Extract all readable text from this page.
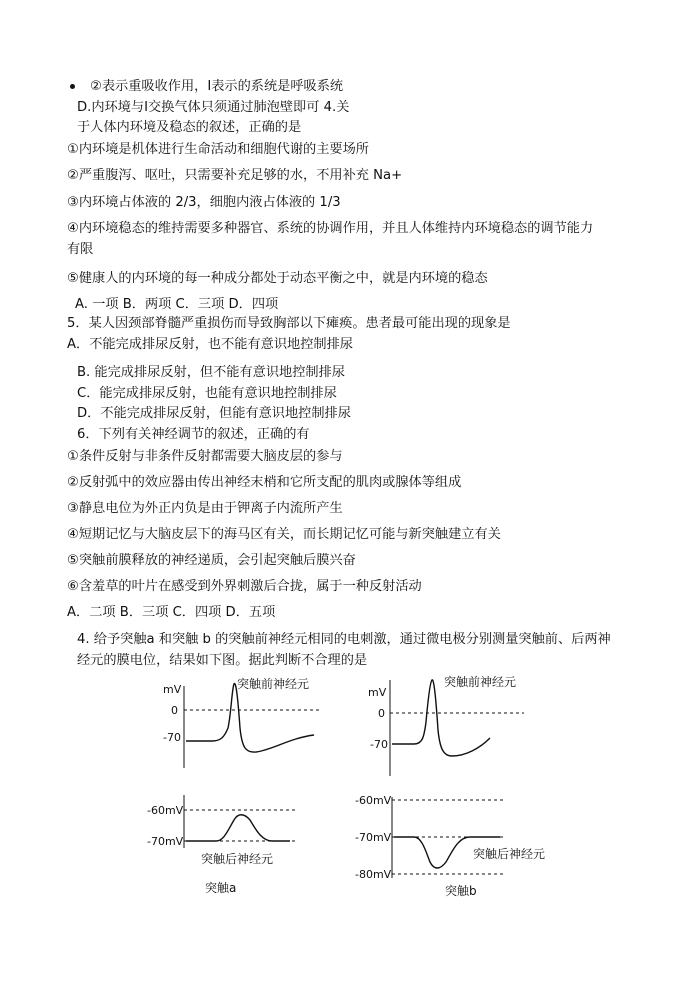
②表示重吸收作用，Ⅰ表示的系统是呼吸系统
D.内环境与Ⅰ交换气体只须通过肺泡壁即可 4.关
于人体内环境及稳态的叙述，正确的是
①内环境是机体进行生命活动和细胞代谢的主要场所
②严重腹泻、呕吐，只需要补充足够的水，不用补充 Na+
③内环境占体液的 2/3，细胞内液占体液的 1/3
④内环境稳态的维持需要多种器官、系统的协调作用，并且人体维持内环境稳态的调节能力
有限
⑤健康人的内环境的每一种成分都处于动态平衡之中，就是内环境的稳态
A. 一项 B．两项 C．三项 D．四项
5．某人因颈部脊髓严重损伤而导致胸部以下瘫痪。患者最可能出现的现象是
A．不能完成排尿反射，也不能有意识地控制排尿
B. 能完成排尿反射，但不能有意识地控制排尿
C．能完成排尿反射，也能有意识地控制排尿
D．不能完成排尿反射，但能有意识地控制排尿
6．下列有关神经调节的叙述，正确的有
①条件反射与非条件反射都需要大脑皮层的参与
②反射弧中的效应器由传出神经末梢和它所支配的肌肉或腺体等组成
③静息电位为外正内负是由于钾离子内流所产生
④短期记忆与大脑皮层下的海马区有关，而长期记忆可能与新突触建立有关
⑤突触前膜释放的神经递质，会引起突触后膜兴奋
⑥含羞草的叶片在感受到外界刺激后合拢，属于一种反射活动
A．二项 B．三项 C．四项 D．五项
4. 给予突触a 和突触 b 的突触前神经元相同的电刺激，通过微电极分别测量突触前、后两神
经元的膜电位，结果如下图。据此判断不合理的是
mV
0
-70
突触前神经元
mV
0
-70
突触前神经元
-60mV
-70mV
突触后神经元
突触a
-60mV
-70mV
-80mV
突触后神经元
突触b
